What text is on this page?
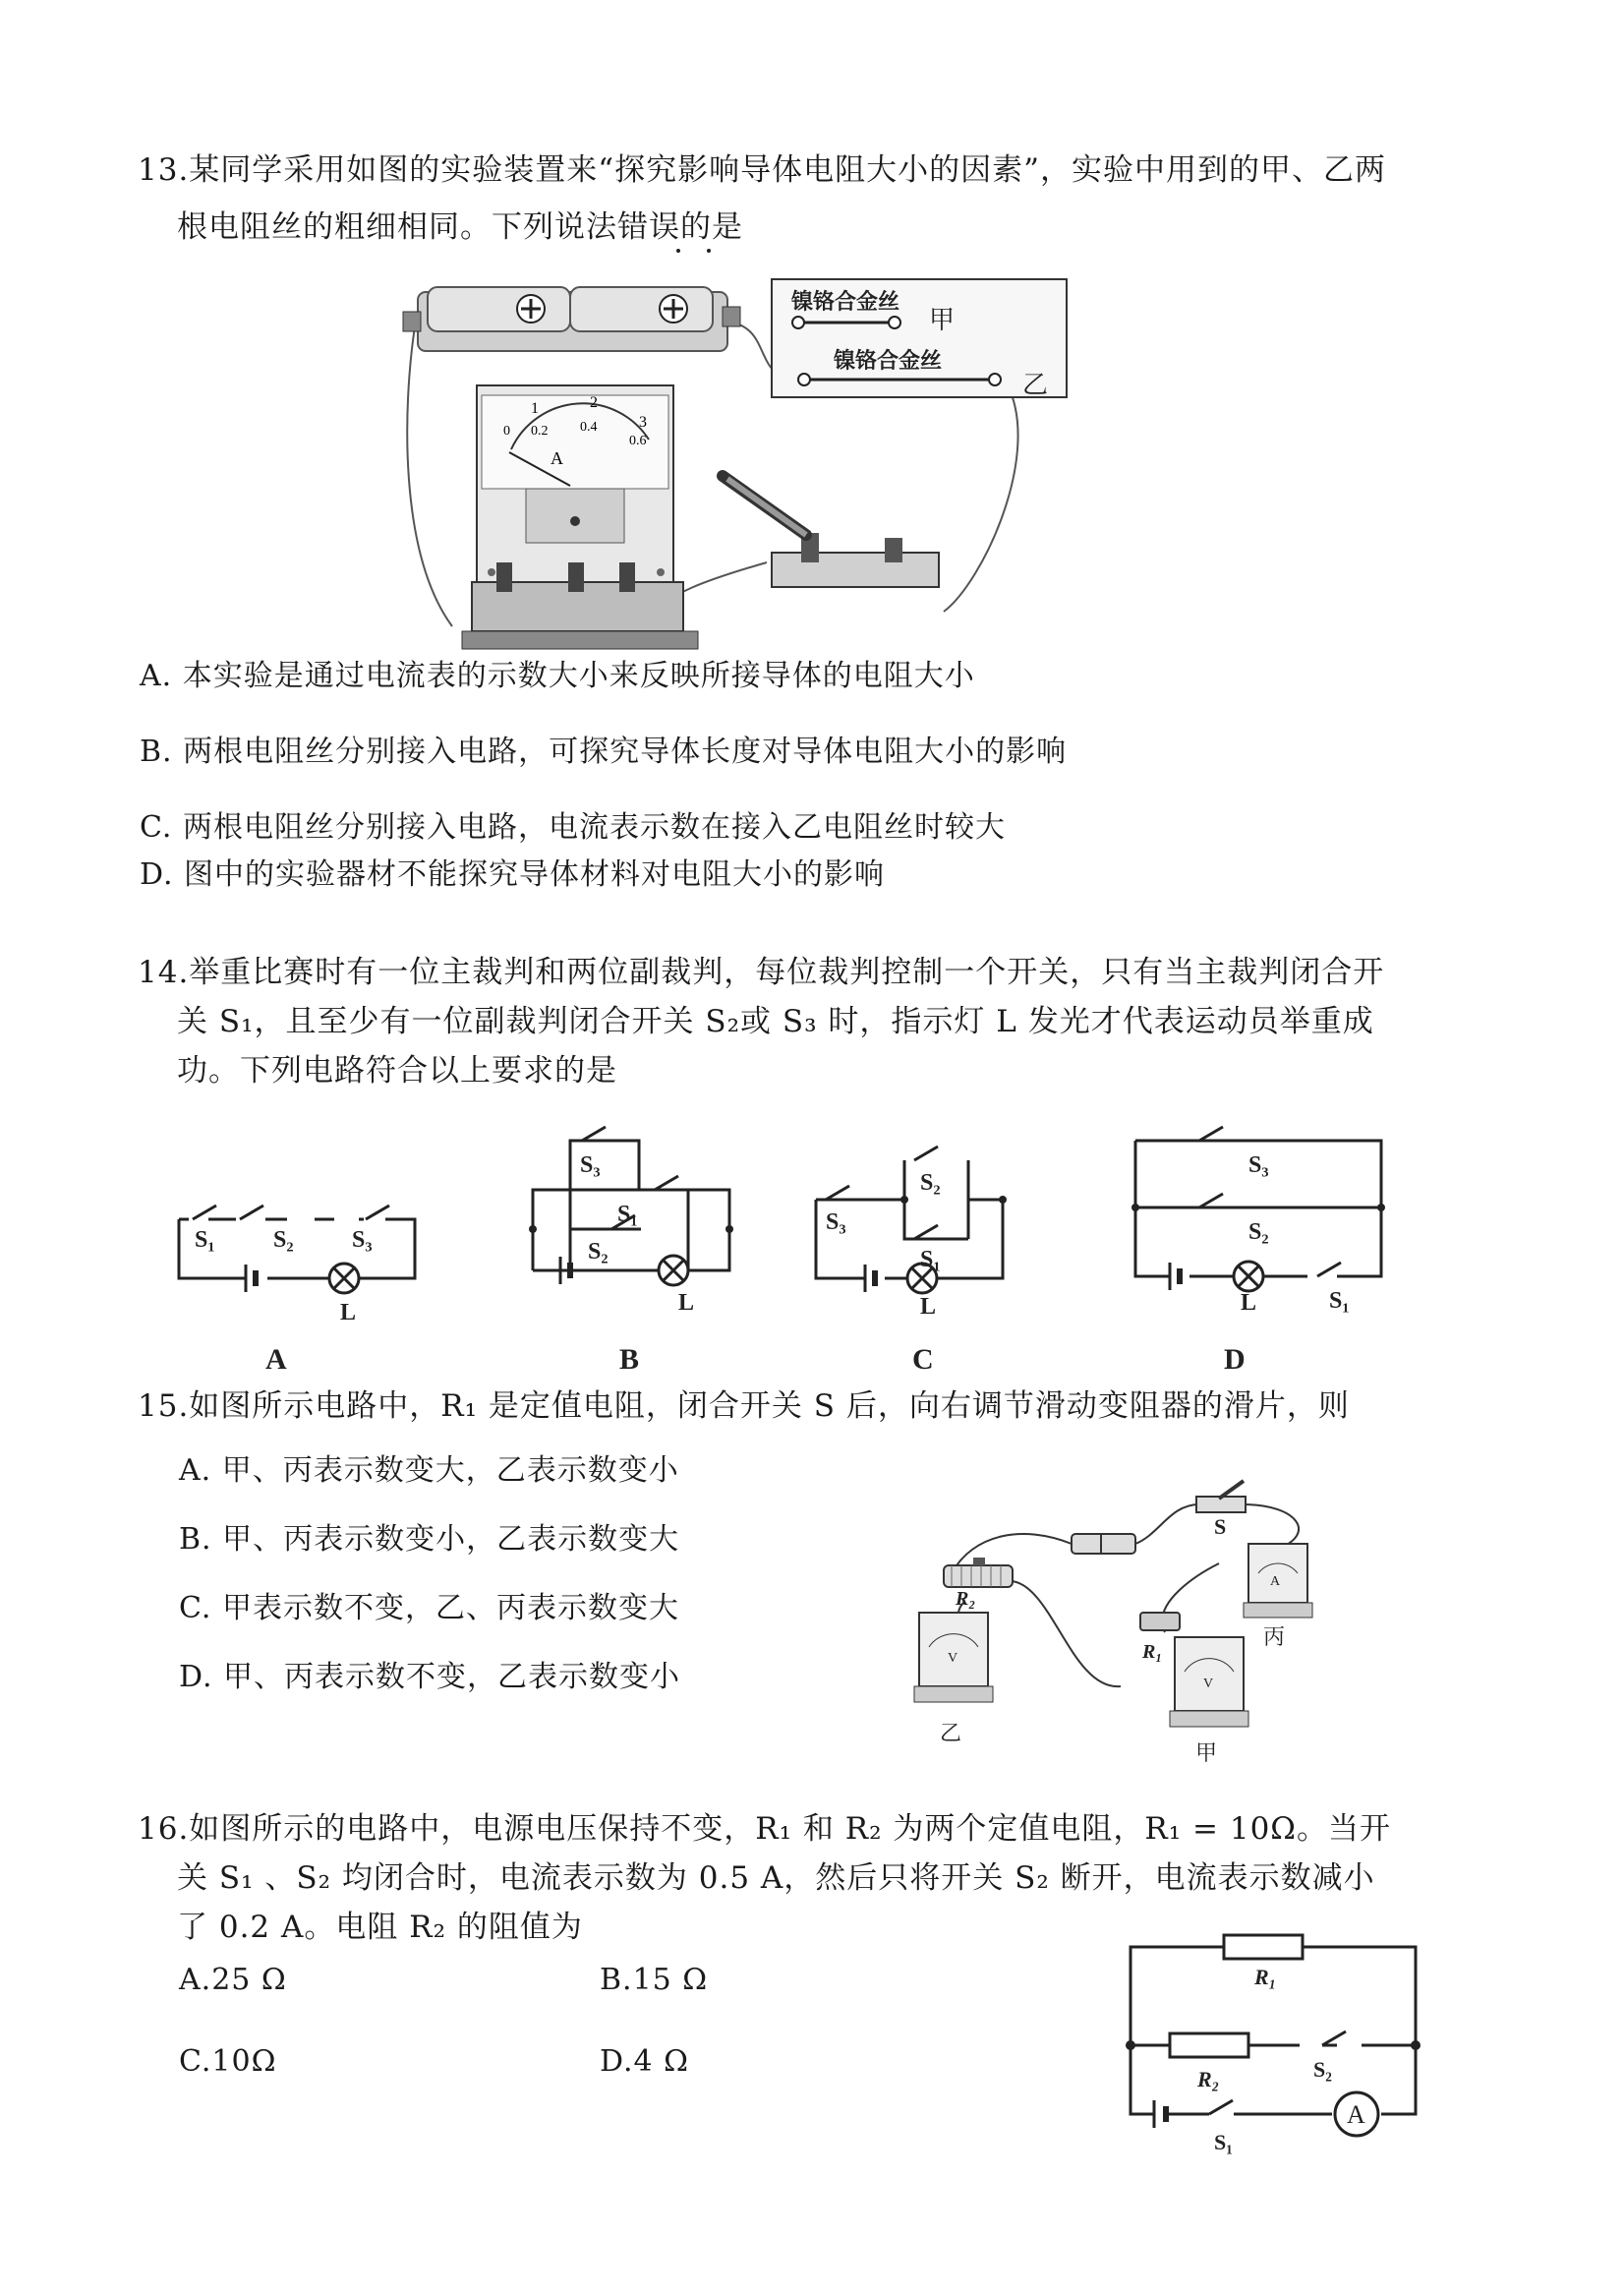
13.某同学采用如图的实验装置来“探究影响导体电阻大小的因素”，实验中用到的甲、乙两
根电阻丝的粗细相同。下列说法错误的是
镍铬合金丝
甲
镍铬合金丝
乙
1	2
3
0 0.2 0.4
0.6
A
A. 本实验是通过电流表的示数大小来反映所接导体的电阻大小
B. 两根电阻丝分别接入电路，可探究导体长度对导体电阻大小的影响
C. 两根电阻丝分别接入电路，电流表示数在接入乙电阻丝时较大
D. 图中的实验器材不能探究导体材料对电阻大小的影响
14.举重比赛时有一位主裁判和两位副裁判，每位裁判控制一个开关，只有当主裁判闭合开
关 S₁，且至少有一位副裁判闭合开关 S₂或 S₃ 时，指示灯 L 发光才代表运动员举重成
功。下列电路符合以上要求的是
S₁ S₂ S₃
L
A
S₃
S₁
S₂
L
B
S₃
S₂
S₁
L
C
S₃
S₂
L	S₁
D
15.如图所示电路中，R₁ 是定值电阻，闭合开关 S 后，向右调节滑动变阻器的滑片，则
A. 甲、丙表示数变大，乙表示数变小
B. 甲、丙表示数变小，乙表示数变大
C. 甲表示数不变，乙、丙表示数变大
D. 甲、丙表示数不变，乙表示数变小
S
A
丙
R₂
V
乙
R₁
V
甲
16.如图所示的电路中，电源电压保持不变，R₁ 和 R₂ 为两个定值电阻，R₁ = 10Ω。当开
关 S₁ 、S₂ 均闭合时，电流表示数为 0.5 A，然后只将开关 S₂ 断开，电流表示数减小
了 0.2 A。电阻 R₂ 的阻值为
A.25 Ω	B.15 Ω
C.10Ω	D.4 Ω
R₁
R₂	S₂
S₁
A
